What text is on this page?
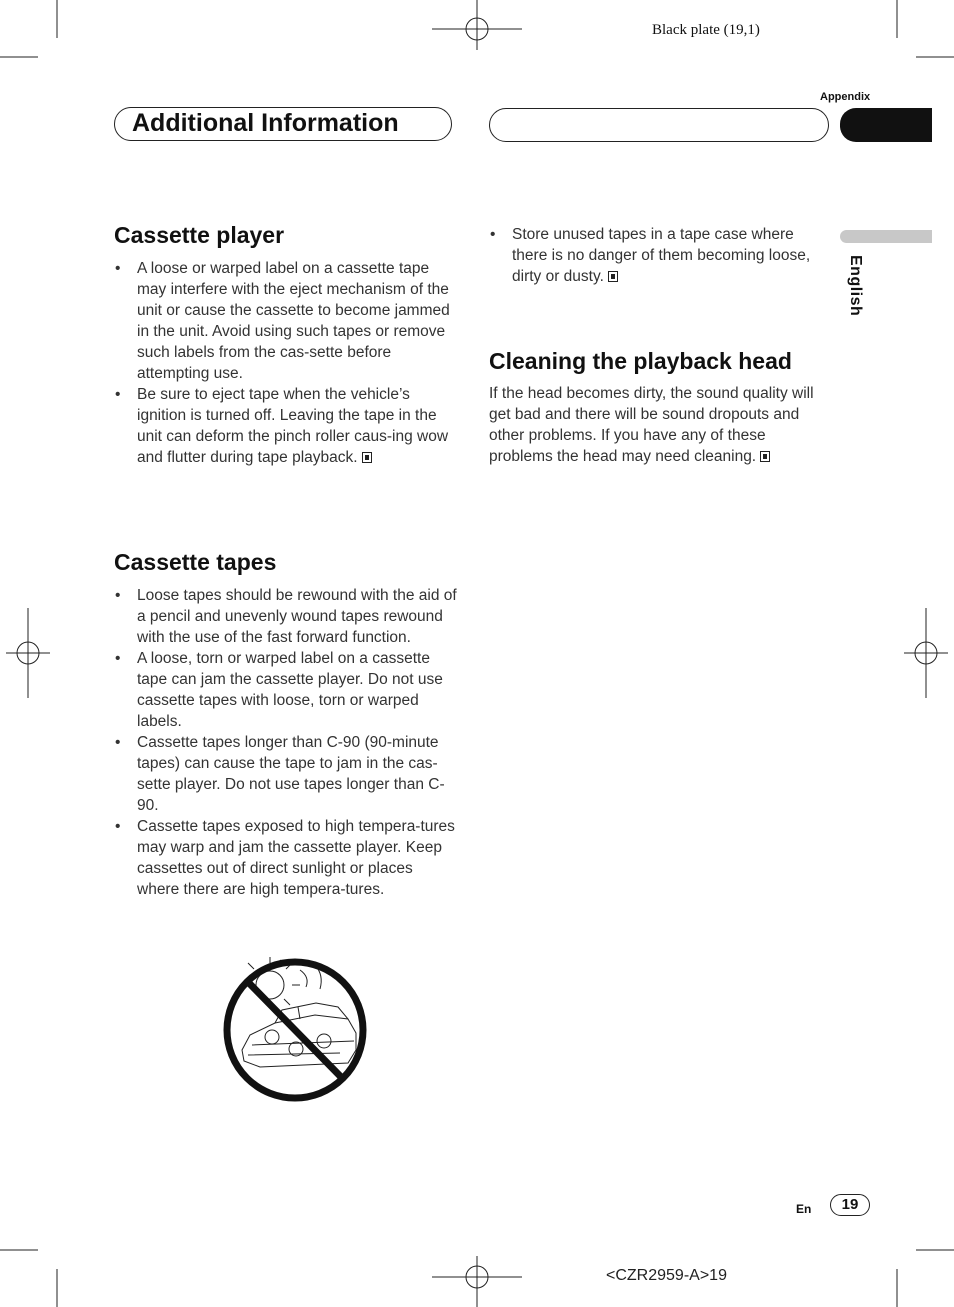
Black plate (19,1)
Appendix
Additional Information
English
Cassette player
• A loose or warped label on a cassette tape may interfere with the eject mechanism of the unit or cause the cassette to become jammed in the unit. Avoid using such tapes or remove such labels from the cas-sette before attempting use.
• Be sure to eject tape when the vehicle’s ignition is turned off. Leaving the tape in the unit can deform the pinch roller caus-ing wow and flutter during tape playback.
Cassette tapes
• Loose tapes should be rewound with the aid of a pencil and unevenly wound tapes rewound with the use of the fast forward function.
• A loose, torn or warped label on a cassette tape can jam the cassette player. Do not use cassette tapes with loose, torn or warped labels.
• Cassette tapes longer than C-90 (90-minute tapes) can cause the tape to jam in the cas-sette player. Do not use tapes longer than C-90.
• Cassette tapes exposed to high tempera-tures may warp and jam the cassette player. Keep cassettes out of direct sunlight or places where there are high tempera-tures.
• Store unused tapes in a tape case where there is no danger of them becoming loose, dirty or dusty.
Cleaning the playback head

If the head becomes dirty, the sound quality will get bad and there will be sound dropouts and other problems. If you have any of these problems the head may need cleaning.

En	19
<CZR2959-A>19
